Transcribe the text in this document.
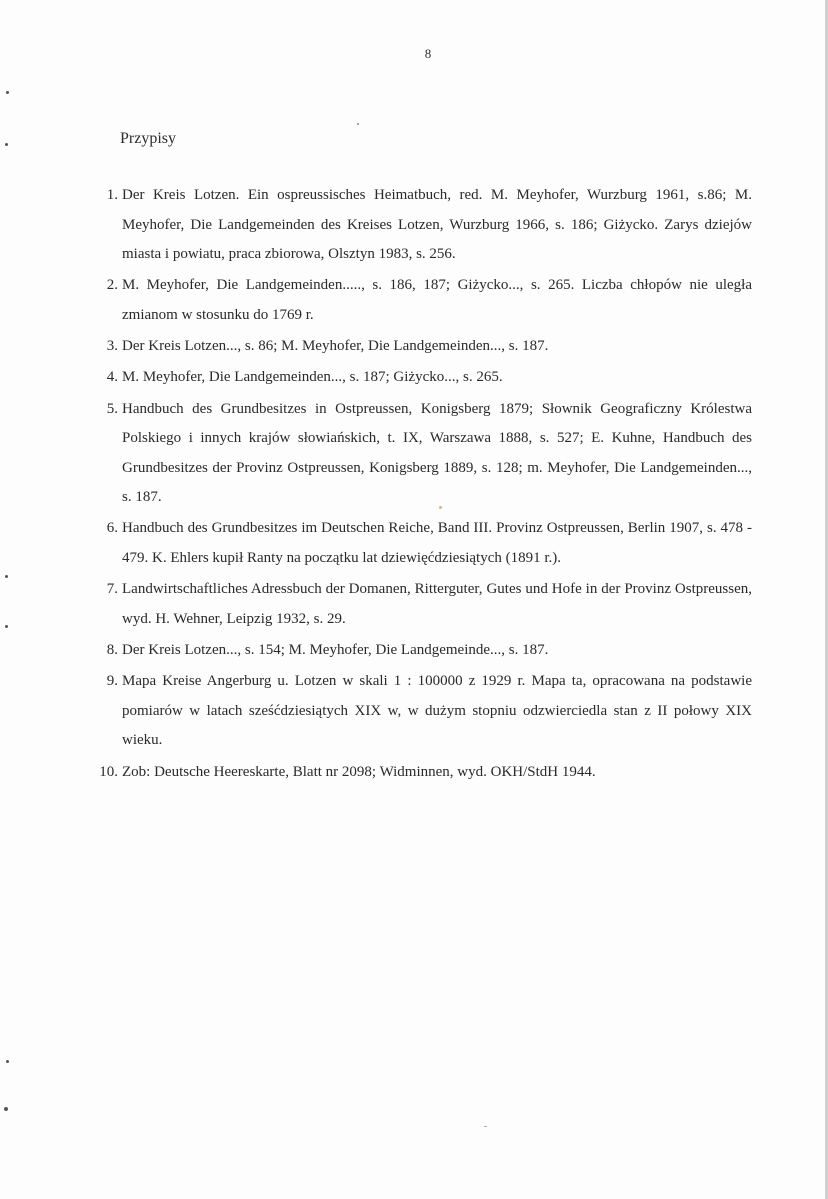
8
Przypisy
1. Der Kreis Lotzen. Ein ospreussisches Heimatbuch, red. M. Meyhofer, Wurzburg 1961, s.86; M. Meyhofer, Die Landgemeinden des Kreises Lotzen, Wurzburg 1966, s. 186; Giżycko. Zarys dziejów miasta i powiatu, praca zbiorowa, Olsztyn 1983, s. 256.
2. M. Meyhofer, Die Landgemeinden....., s. 186, 187; Giżycko..., s. 265. Liczba chłopów nie uległa zmianom w stosunku do 1769 r.
3. Der Kreis Lotzen..., s. 86; M. Meyhofer, Die Landgemeinden..., s. 187.
4. M. Meyhofer, Die Landgemeinden..., s. 187; Giżycko..., s. 265.
5. Handbuch des Grundbesitzes in Ostpreussen, Konigsberg 1879; Słownik Geograficzny Królestwa Polskiego i innych krajów słowiańskich, t. IX, Warszawa 1888, s. 527; E. Kuhne, Handbuch des Grundbesitzes der Provinz Ostpreussen, Konigsberg 1889, s. 128; m. Meyhofer, Die Landgemeinden..., s. 187.
6. Handbuch des Grundbesitzes im Deutschen Reiche, Band III. Provinz Ostpreussen, Berlin 1907, s. 478 - 479. K. Ehlers kupił Ranty na początku lat dziewięćdziesiątych (1891 r.).
7. Landwirtschaftliches Adressbuch der Domanen, Ritterguter, Gutes und Hofe in der Provinz Ostpreussen, wyd. H. Wehner, Leipzig 1932, s. 29.
8. Der Kreis Lotzen..., s. 154; M. Meyhofer, Die Landgemeinde..., s. 187.
9. Mapa Kreise Angerburg u. Lotzen w skali 1 : 100000 z 1929 r. Mapa ta, opracowana na podstawie pomiarów w latach sześćdziesiątych XIX w, w dużym stopniu odzwierciedla stan z II połowy XIX wieku.
10. Zob: Deutsche Heereskarte, Blatt nr 2098; Widminnen, wyd. OKH/StdH 1944.
